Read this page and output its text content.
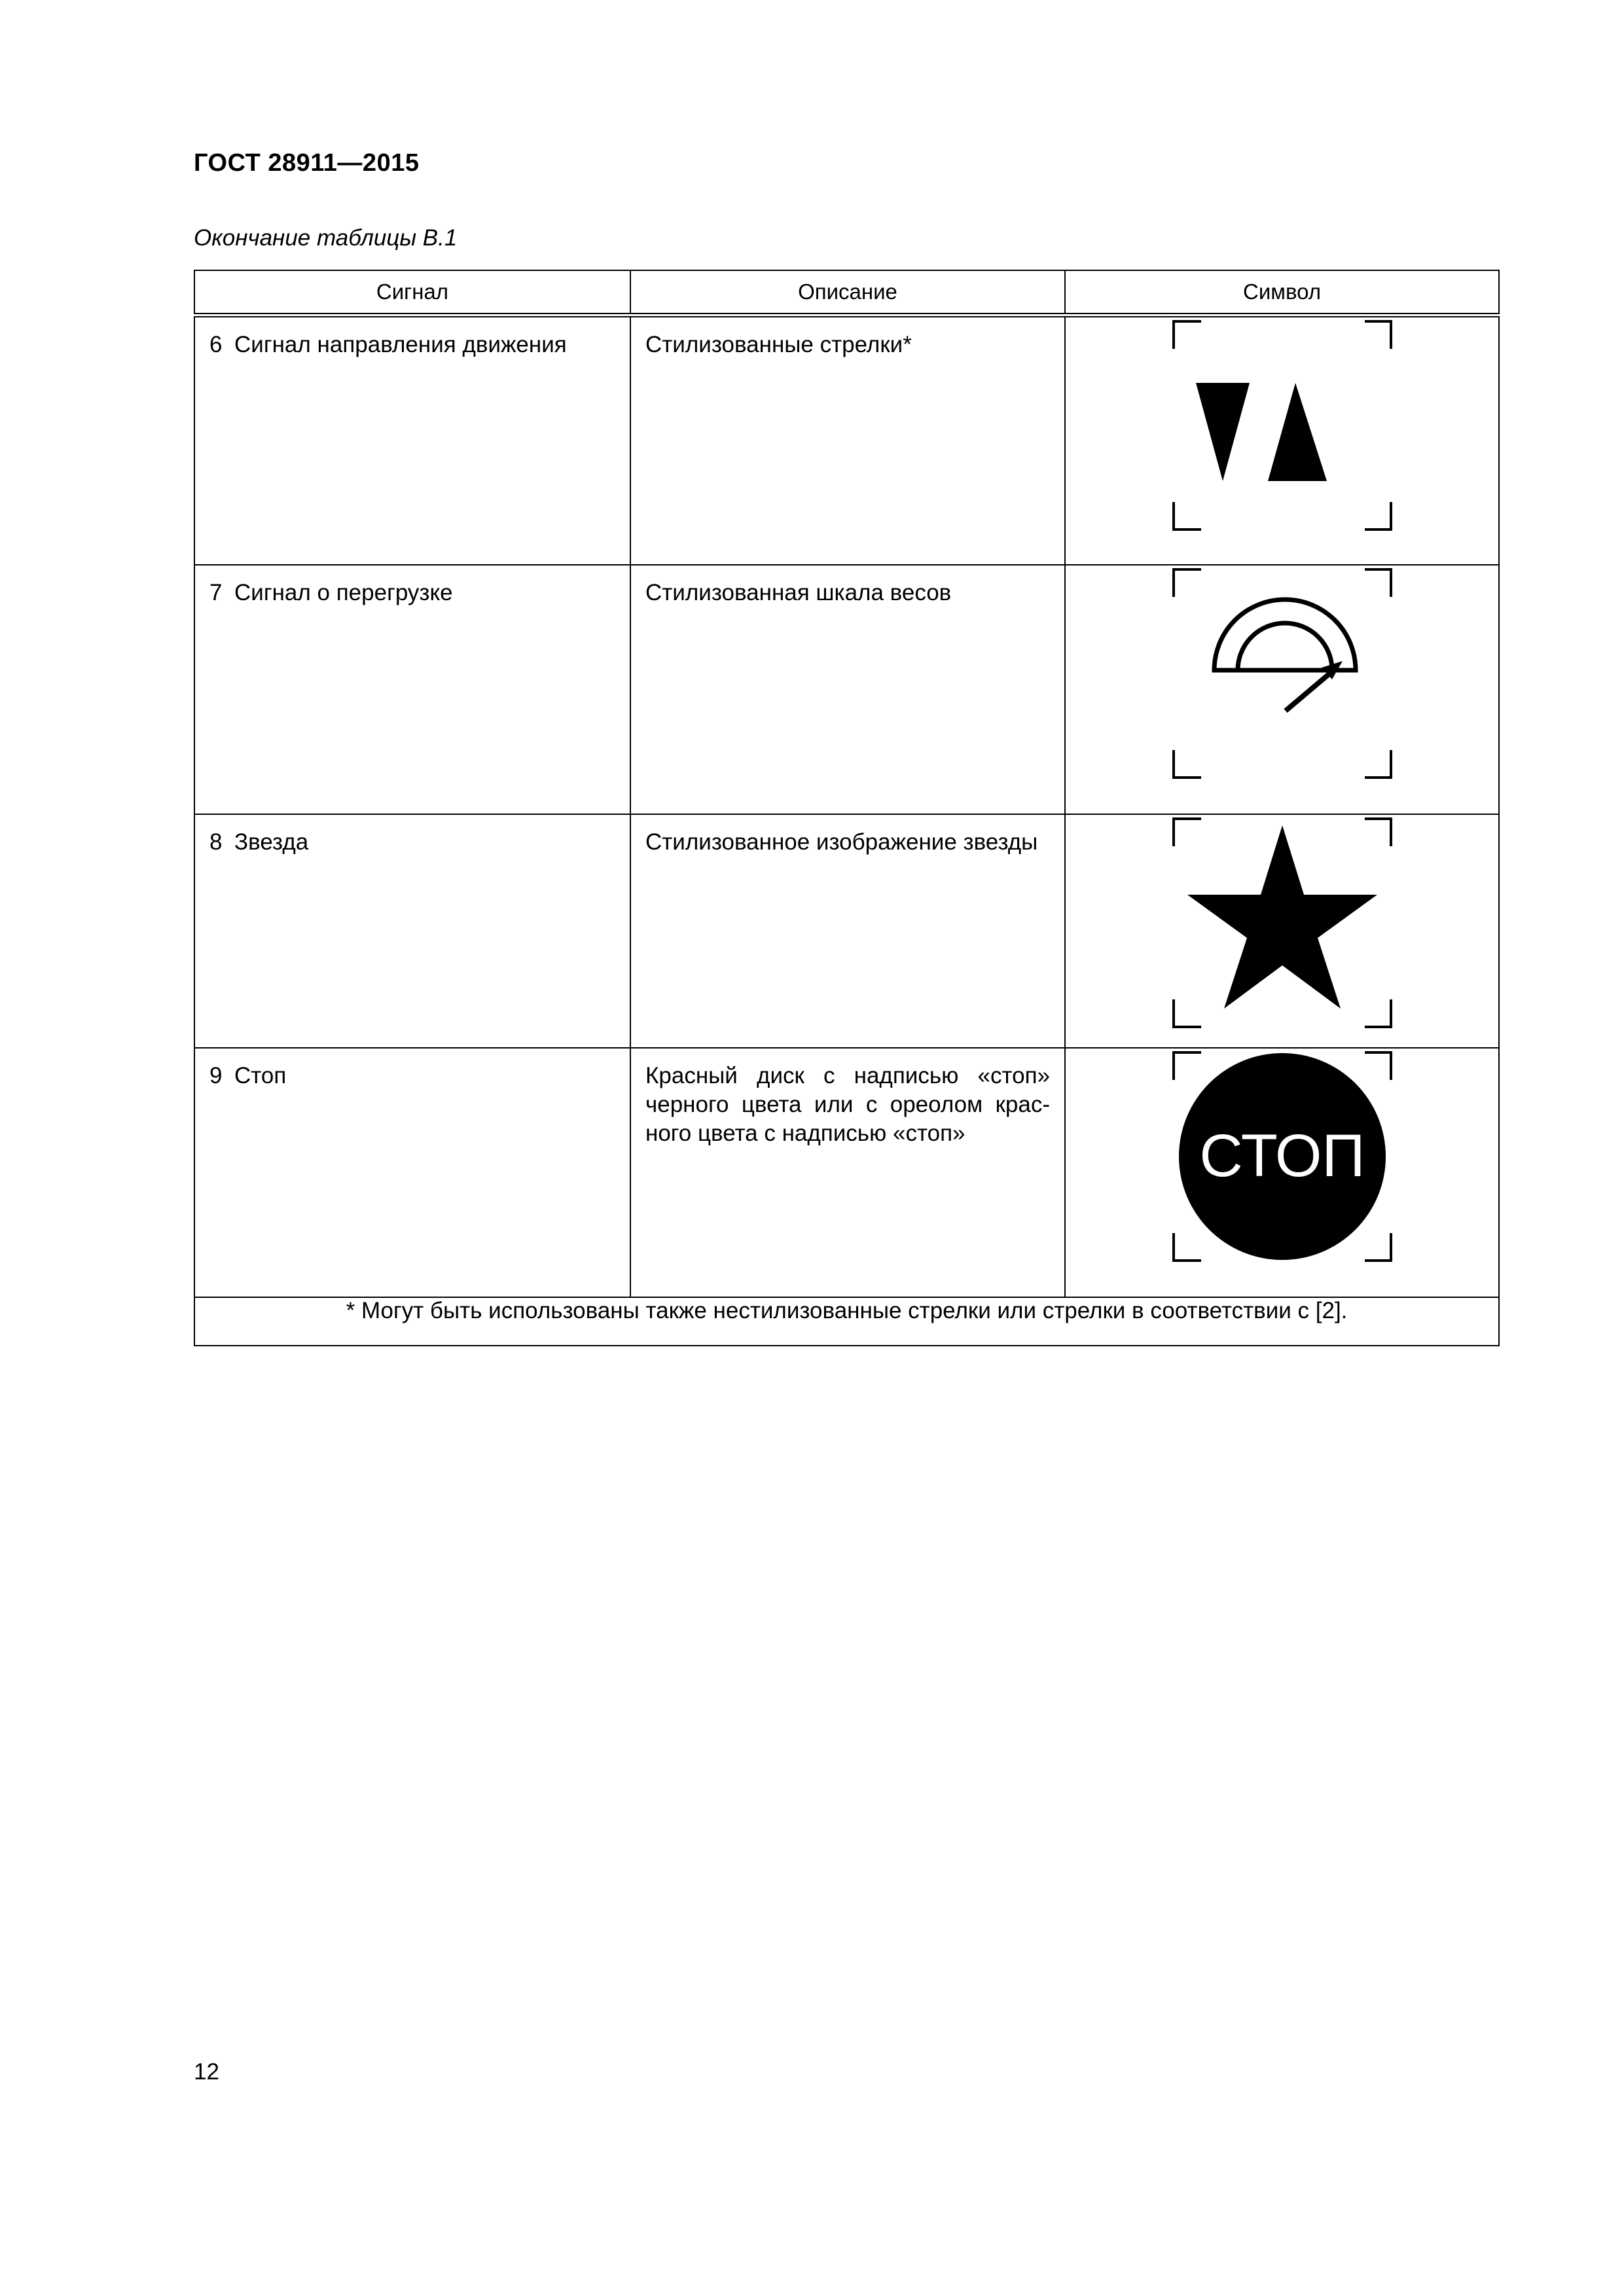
ГОСТ 28911—2015
Окончание таблицы В.1
Сигнал	Описание	Символ

6 Сигнал направления движения	Стилизованные стрелки*

7 Сигнал о перегрузке	Стилизованная шкала весов

8 Звезда	Стилизованное изображение звезды

9 Стоп	Красный диск с надписью «стоп» черного цвета или с ореолом крас-ного цвета с надписью «стоп»	СТОП

* Могут быть использованы также нестилизованные стрелки или стрелки в соответствии с [2].		
12
